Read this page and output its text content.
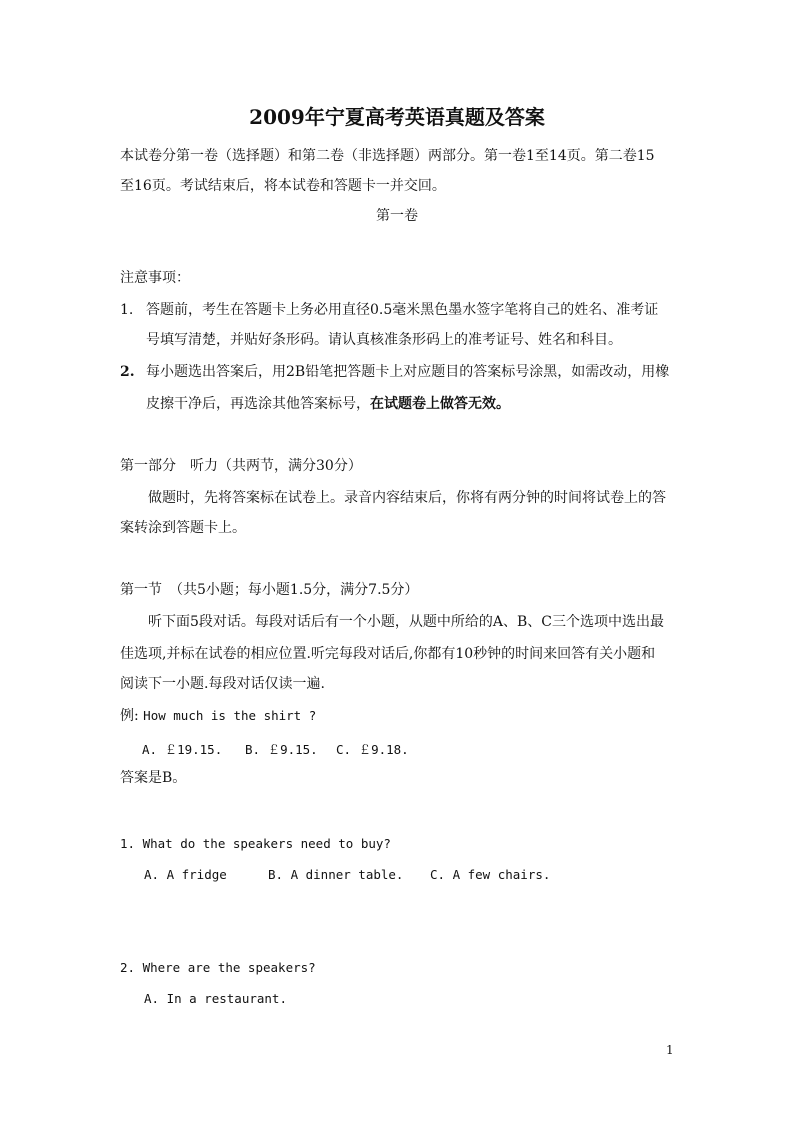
2009年宁夏高考英语真题及答案
本试卷分第一卷（选择题）和第二卷（非选择题）两部分。第一卷1至14页。第二卷15
至16页。考试结束后，将本试卷和答题卡一并交回。
第一卷
注意事项：
1. 答题前，考生在答题卡上务必用直径0.5毫米黑色墨水签字笔将自己的姓名、准考证
号填写清楚，并贴好条形码。请认真核准条形码上的准考证号、姓名和科目。
2. 每小题选出答案后，用2B铅笔把答题卡上对应题目的答案标号涂黑，如需改动，用橡
皮擦干净后，再选涂其他答案标号，在试题卷上做答无效。
第一部分　听力（共两节，满分30分）
做题时，先将答案标在试卷上。录音内容结束后，你将有两分钟的时间将试卷上的答
案转涂到答题卡上。
第一节　（共5小题；每小题1.5分，满分7.5分）
听下面5段对话。每段对话后有一个小题，从题中所给的A、B、C三个选项中选出最
佳选项,并标在试卷的相应位置.听完每段对话后,你都有10秒钟的时间来回答有关小题和
阅读下一小题.每段对话仅读一遍.
例: How much is the shirt ?
A. ￡19.15. B. ￡9.15. C. ￡9.18.
答案是B。
1. What do the speakers need to buy?
A. A fridge	B. A dinner table. C. A few chairs.
2. Where are the speakers?
A. In a restaurant.
1
